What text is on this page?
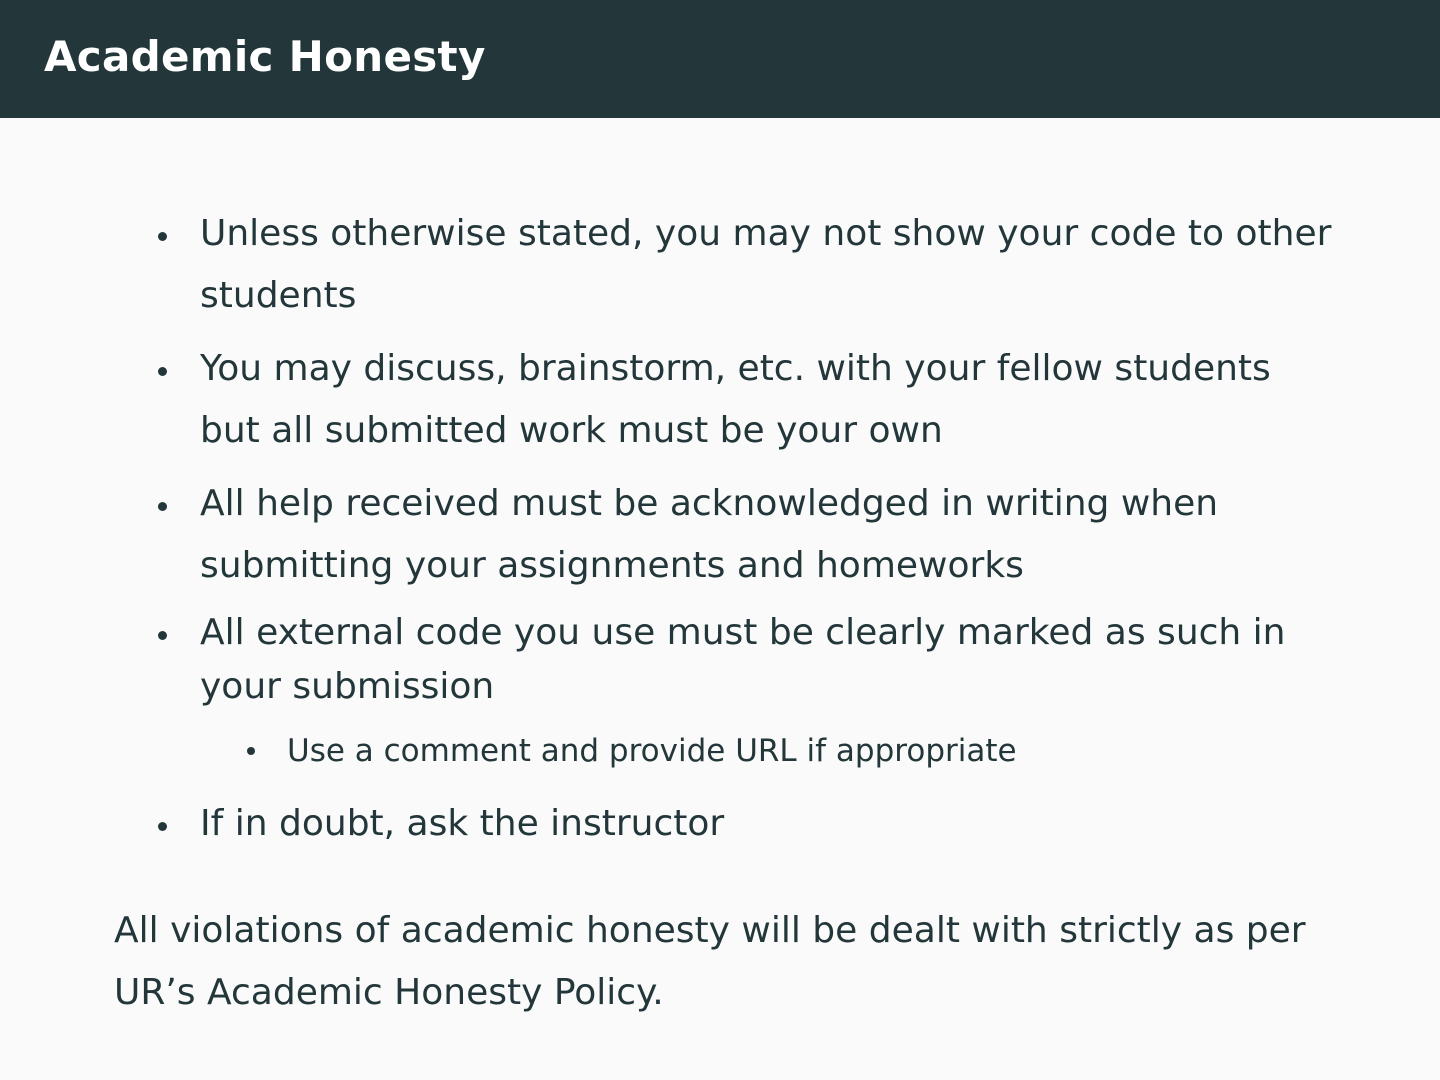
Academic Honesty
Unless otherwise stated, you may not show your code to other
students
You may discuss, brainstorm, etc. with your fellow students
but all submitted work must be your own
All help received must be acknowledged in writing when
submitting your assignments and homeworks
All external code you use must be clearly marked as such in
your submission
Use a comment and provide URL if appropriate
If in doubt, ask the instructor
All violations of academic honesty will be dealt with strictly as per
UR’s Academic Honesty Policy.
